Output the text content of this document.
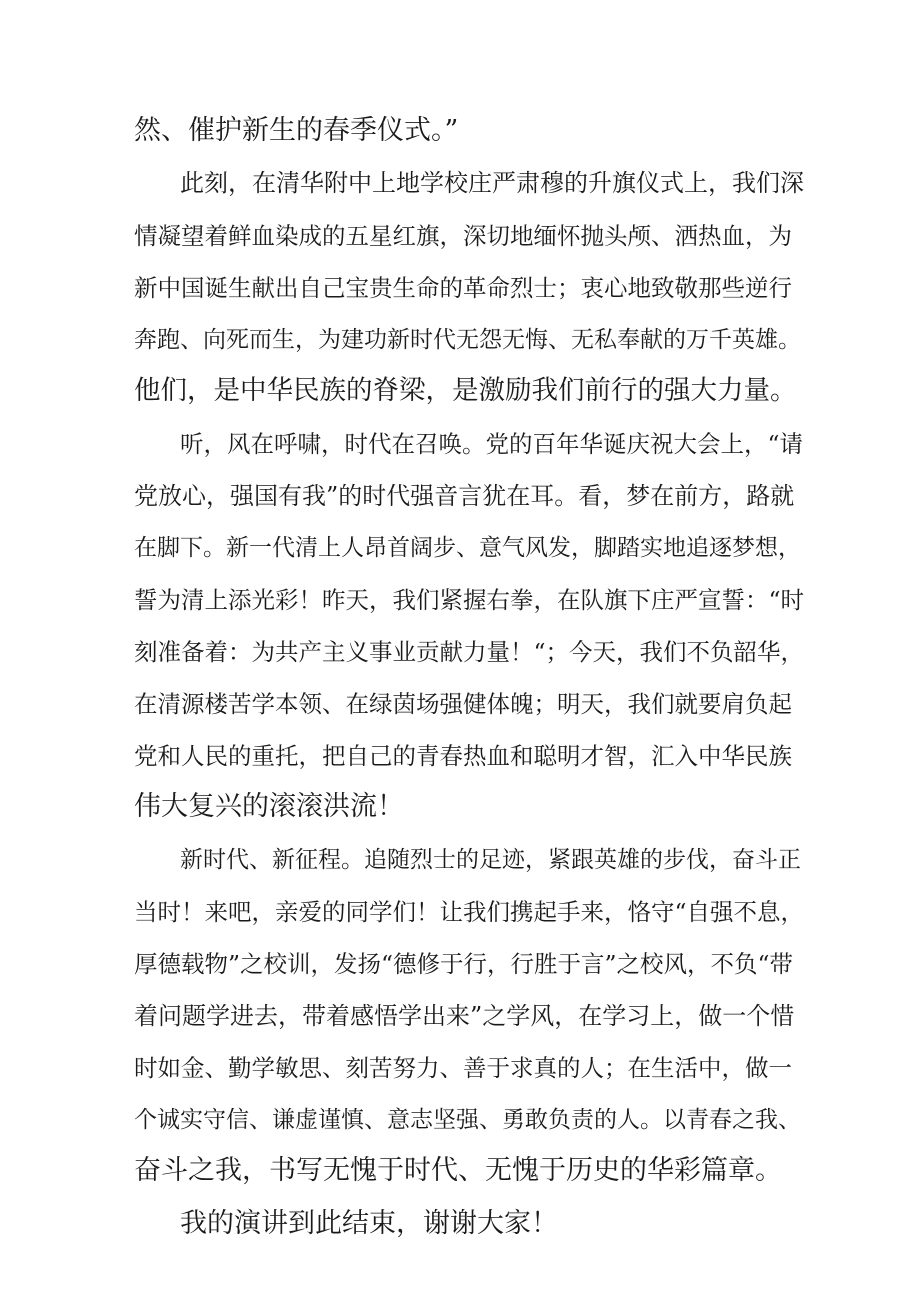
然、催护新生的春季仪式。”
此刻，在清华附中上地学校庄严肃穆的升旗仪式上，我们深
情凝望着鲜血染成的五星红旗，深切地缅怀抛头颅、洒热血，为
新中国诞生献出自己宝贵生命的革命烈士；衷心地致敬那些逆行
奔跑、向死而生，为建功新时代无怨无悔、无私奉献的万千英雄。
他们，是中华民族的脊梁，是激励我们前行的强大力量。
听，风在呼啸，时代在召唤。党的百年华诞庆祝大会上，“请
党放心，强国有我”的时代强音言犹在耳。看，梦在前方，路就
在脚下。新一代清上人昂首阔步、意气风发，脚踏实地追逐梦想，
誓为清上添光彩！昨天，我们紧握右拳，在队旗下庄严宣誓：“时
刻准备着：为共产主义事业贡献力量！“；今天，我们不负韶华，
在清源楼苦学本领、在绿茵场强健体魄；明天，我们就要肩负起
党和人民的重托，把自己的青春热血和聪明才智，汇入中华民族
伟大复兴的滚滚洪流！
新时代、新征程。追随烈士的足迹，紧跟英雄的步伐，奋斗正
当时！来吧，亲爱的同学们！让我们携起手来，恪守“自强不息，
厚德载物”之校训，发扬“德修于行，行胜于言”之校风，不负“带
着问题学进去，带着感悟学出来”之学风，在学习上，做一个惜
时如金、勤学敏思、刻苦努力、善于求真的人；在生活中，做一
个诚实守信、谦虚谨慎、意志坚强、勇敢负责的人。以青春之我、
奋斗之我，书写无愧于时代、无愧于历史的华彩篇章。
我的演讲到此结束，谢谢大家！
